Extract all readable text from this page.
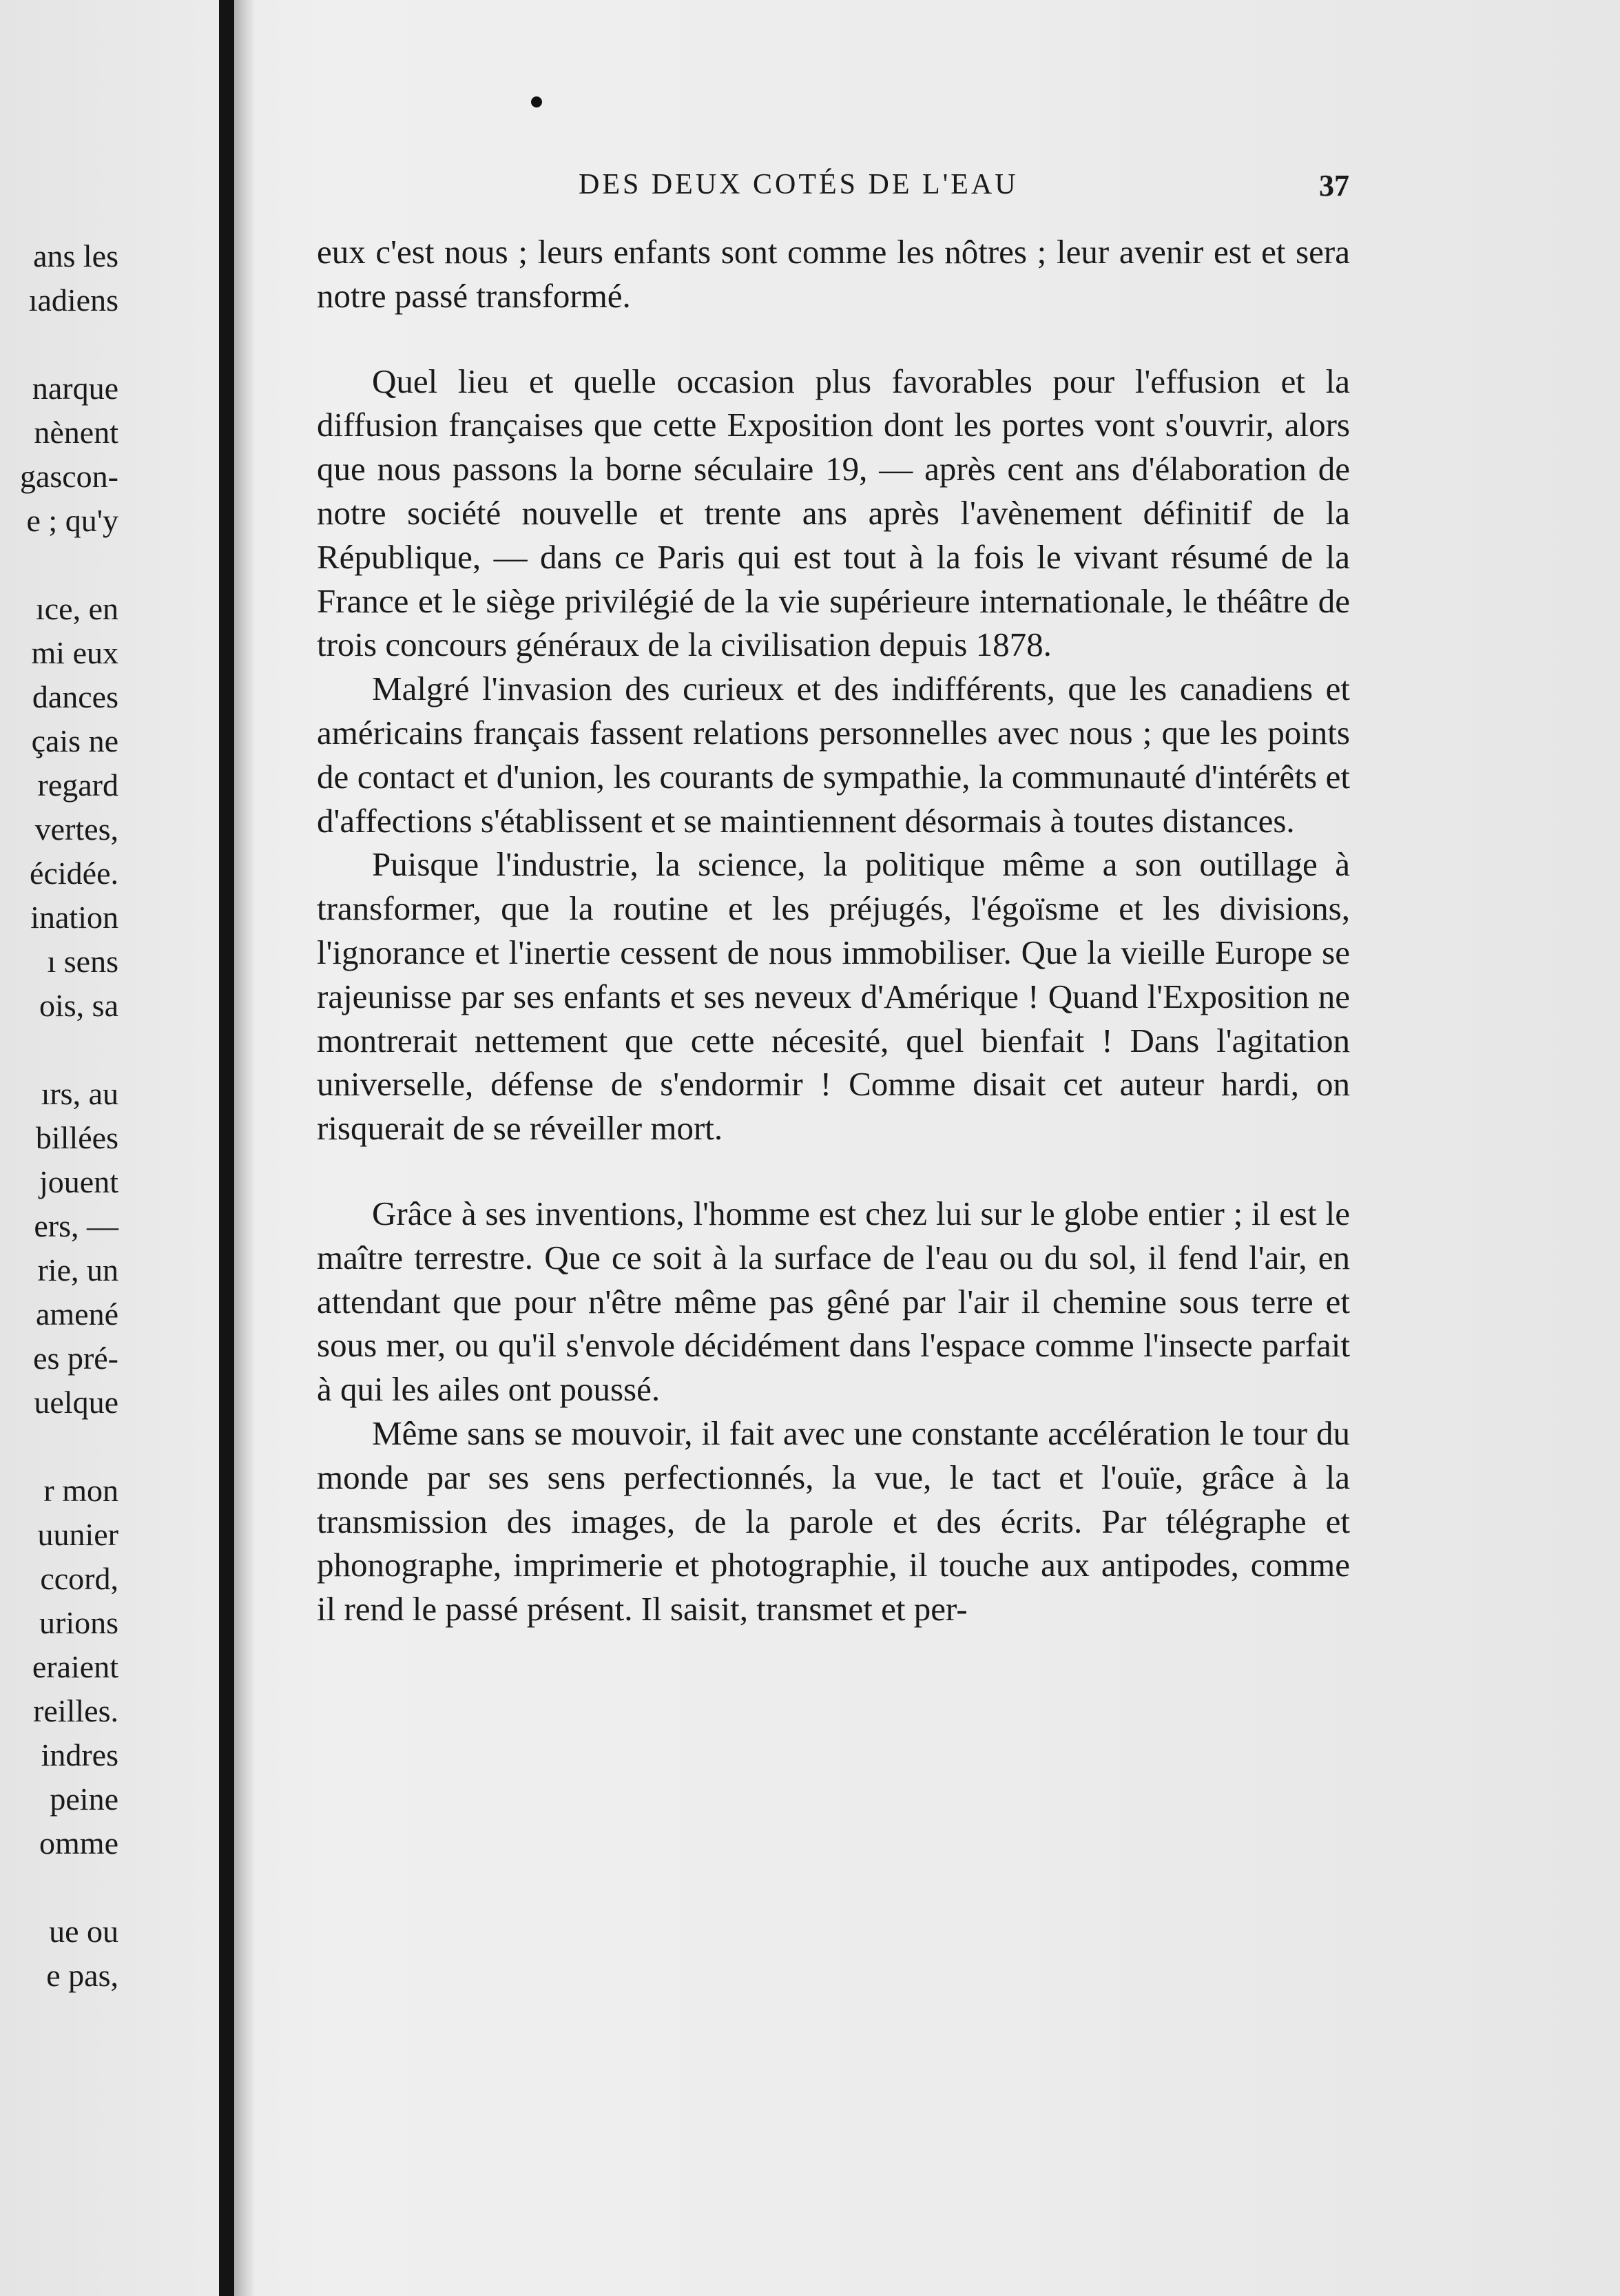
ans les
ıadiens
narque
nènent
gascon-
e ; qu'y
ıce, en
mi eux
dances
çais ne
regard
vertes,
écidée.
ination
ı sens
ois, sa
ırs, au
billées
jouent
ers, —
rie, un
amené
es pré-
uelque
r mon
uunier
ccord,
urions
eraient
reilles.
indres
peine
omme
ue ou
e pas,
DES DEUX COTÉS DE L'EAU	37

eux c'est nous ; leurs enfants sont comme les nôtres ; leur avenir est et sera notre passé transformé.

Quel lieu et quelle occasion plus favorables pour l'effusion et la diffusion françaises que cette Exposition dont les portes vont s'ouvrir, alors que nous passons la borne séculaire 19, — après cent ans d'élaboration de notre société nouvelle et trente ans après l'avènement définitif de la République, — dans ce Paris qui est tout à la fois le vivant résumé de la France et le siège privilégié de la vie supérieure internationale, le théâtre de trois concours généraux de la civilisation depuis 1878.

Malgré l'invasion des curieux et des indifférents, que les canadiens et américains français fassent relations personnelles avec nous ; que les points de contact et d'union, les courants de sympathie, la communauté d'intérêts et d'affections s'établissent et se maintiennent désormais à toutes distances.

Puisque l'industrie, la science, la politique même a son outillage à transformer, que la routine et les préjugés, l'égoïsme et les divisions, l'ignorance et l'inertie cessent de nous immobiliser. Que la vieille Europe se rajeunisse par ses enfants et ses neveux d'Amérique ! Quand l'Exposition ne montrerait nettement que cette nécesité, quel bienfait ! Dans l'agitation universelle, défense de s'endormir ! Comme disait cet auteur hardi, on risquerait de se réveiller mort.

Grâce à ses inventions, l'homme est chez lui sur le globe entier ; il est le maître terrestre. Que ce soit à la surface de l'eau ou du sol, il fend l'air, en attendant que pour n'être même pas gêné par l'air il chemine sous terre et sous mer, ou qu'il s'envole décidément dans l'espace comme l'insecte parfait à qui les ailes ont poussé.

Même sans se mouvoir, il fait avec une constante accélération le tour du monde par ses sens perfectionnés, la vue, le tact et l'ouïe, grâce à la transmission des images, de la parole et des écrits. Par télégraphe et phonographe, imprimerie et photographie, il touche aux antipodes, comme il rend le passé présent. Il saisit, transmet et per-
